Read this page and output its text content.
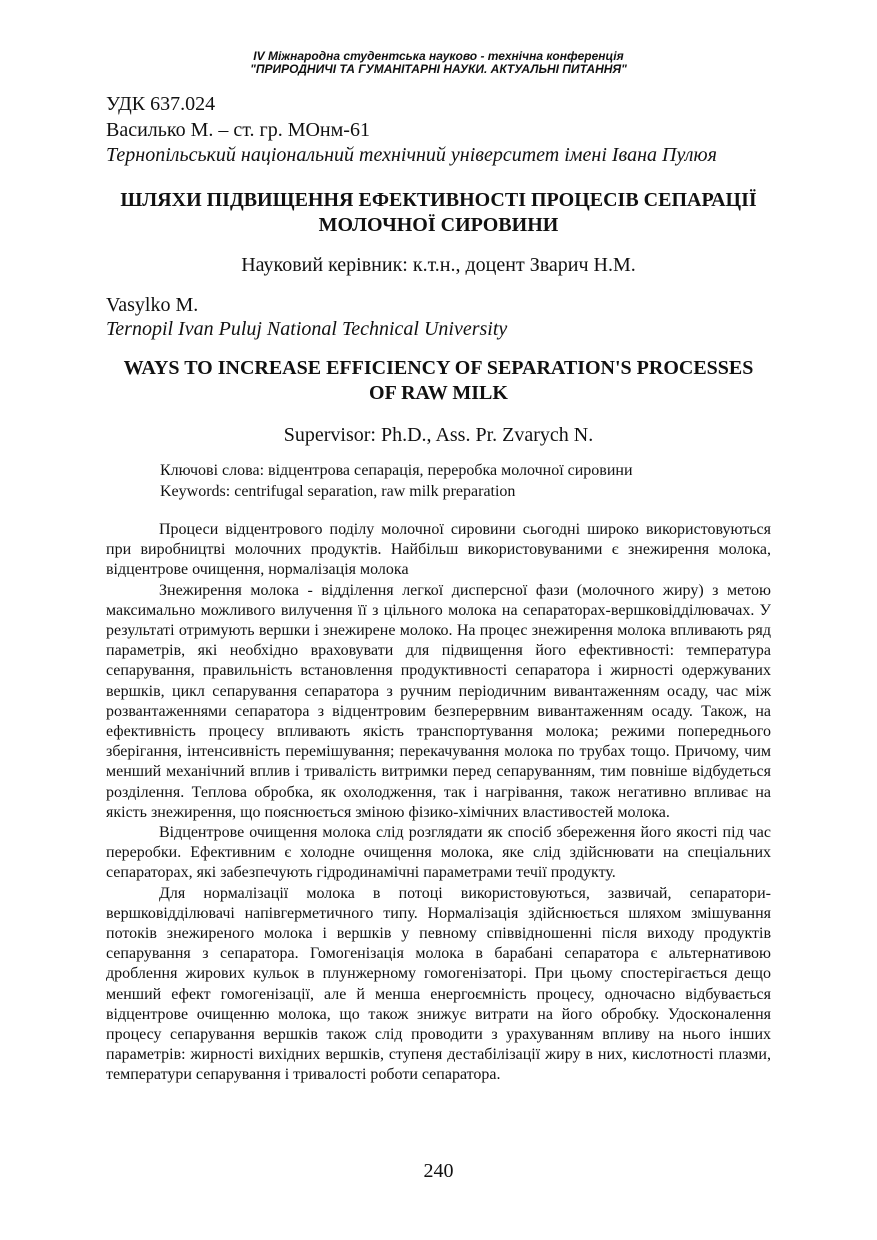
IV Міжнародна студентська науково - технічна конференція
"ПРИРОДНИЧІ ТА ГУМАНІТАРНІ НАУКИ. АКТУАЛЬНІ ПИТАННЯ"
УДК 637.024
Василько М. – ст. гр. МОнм-61
Тернопільський національний технічний університет імені Івана Пулюя
ШЛЯХИ ПІДВИЩЕННЯ ЕФЕКТИВНОСТІ ПРОЦЕСІВ СЕПАРАЦІЇ
МОЛОЧНОЇ СИРОВИНИ
Науковий керівник: к.т.н., доцент Зварич Н.М.
Vasylko M.
Ternopil Ivan Puluj National Technical University
WAYS TO INCREASE EFFICIENCY OF SEPARATION'S PROCESSES
OF RAW MILK
Supervisor: Ph.D., Ass. Pr. Zvarych N.
Ключові слова: відцентрова сепарація, переробка молочної сировини
Keywords: centrifugal separation, raw milk preparation

Процеси відцентрового поділу молочної сировини сьогодні широко використовуються при виробництві молочних продуктів. Найбільш використовуваними є знежирення молока, відцентрове очищення, нормалізація молока

Знежирення молока - відділення легкої дисперсної фази (молочного жиру) з метою максимально можливого вилучення її з цільного молока на сепараторах-вершковідділювачах. У результаті отримують вершки і знежирене молоко. На процес знежирення молока впливають ряд параметрів, які необхідно враховувати для підвищення його ефективності: температура сепарування, правильність встановлення продуктивності сепаратора і жирності одержуваних вершків, цикл сепарування сепаратора з ручним періодичним вивантаженням осаду, час між розвантаженнями сепаратора з відцентровим безперервним вивантаженням осаду. Також, на ефективність процесу впливають якість транспортування молока; режими попереднього зберігання, інтенсивність перемішування; перекачування молока по трубах тощо. Причому, чим менший механічний вплив і тривалість витримки перед сепаруванням, тим повніше відбудеться розділення. Теплова обробка, як охолодження, так і нагрівання, також негативно впливає на якість знежирення, що пояснюється зміною фізико-хімічних властивостей молока.

Відцентрове очищення молока слід розглядати як спосіб збереження його якості під час переробки. Ефективним є холодне очищення молока, яке слід здійснювати на спеціальних сепараторах, які забезпечують гідродинамічні параметрами течії продукту.

Для нормалізації молока в потоці використовуються, зазвичай, сепаратори-вершковідділювачі напівгерметичного типу. Нормалізація здійснюється шляхом змішування потоків знежиреного молока і вершків у певному співвідношенні після виходу продуктів сепарування з сепаратора. Гомогенізація молока в барабані сепаратора є альтернативою дроблення жирових кульок в плунжерному гомогенізаторі. При цьому спостерігається дещо менший ефект гомогенізації, але й менша енергоємність процесу, одночасно відбувається відцентрове очищенню молока, що також знижує витрати на його обробку. Удосконалення процесу сепарування вершків також слід проводити з урахуванням впливу на нього інших параметрів: жирності вихідних вершків, ступеня дестабілізації жиру в них, кислотності плазми, температури сепарування і тривалості роботи сепаратора.

240
